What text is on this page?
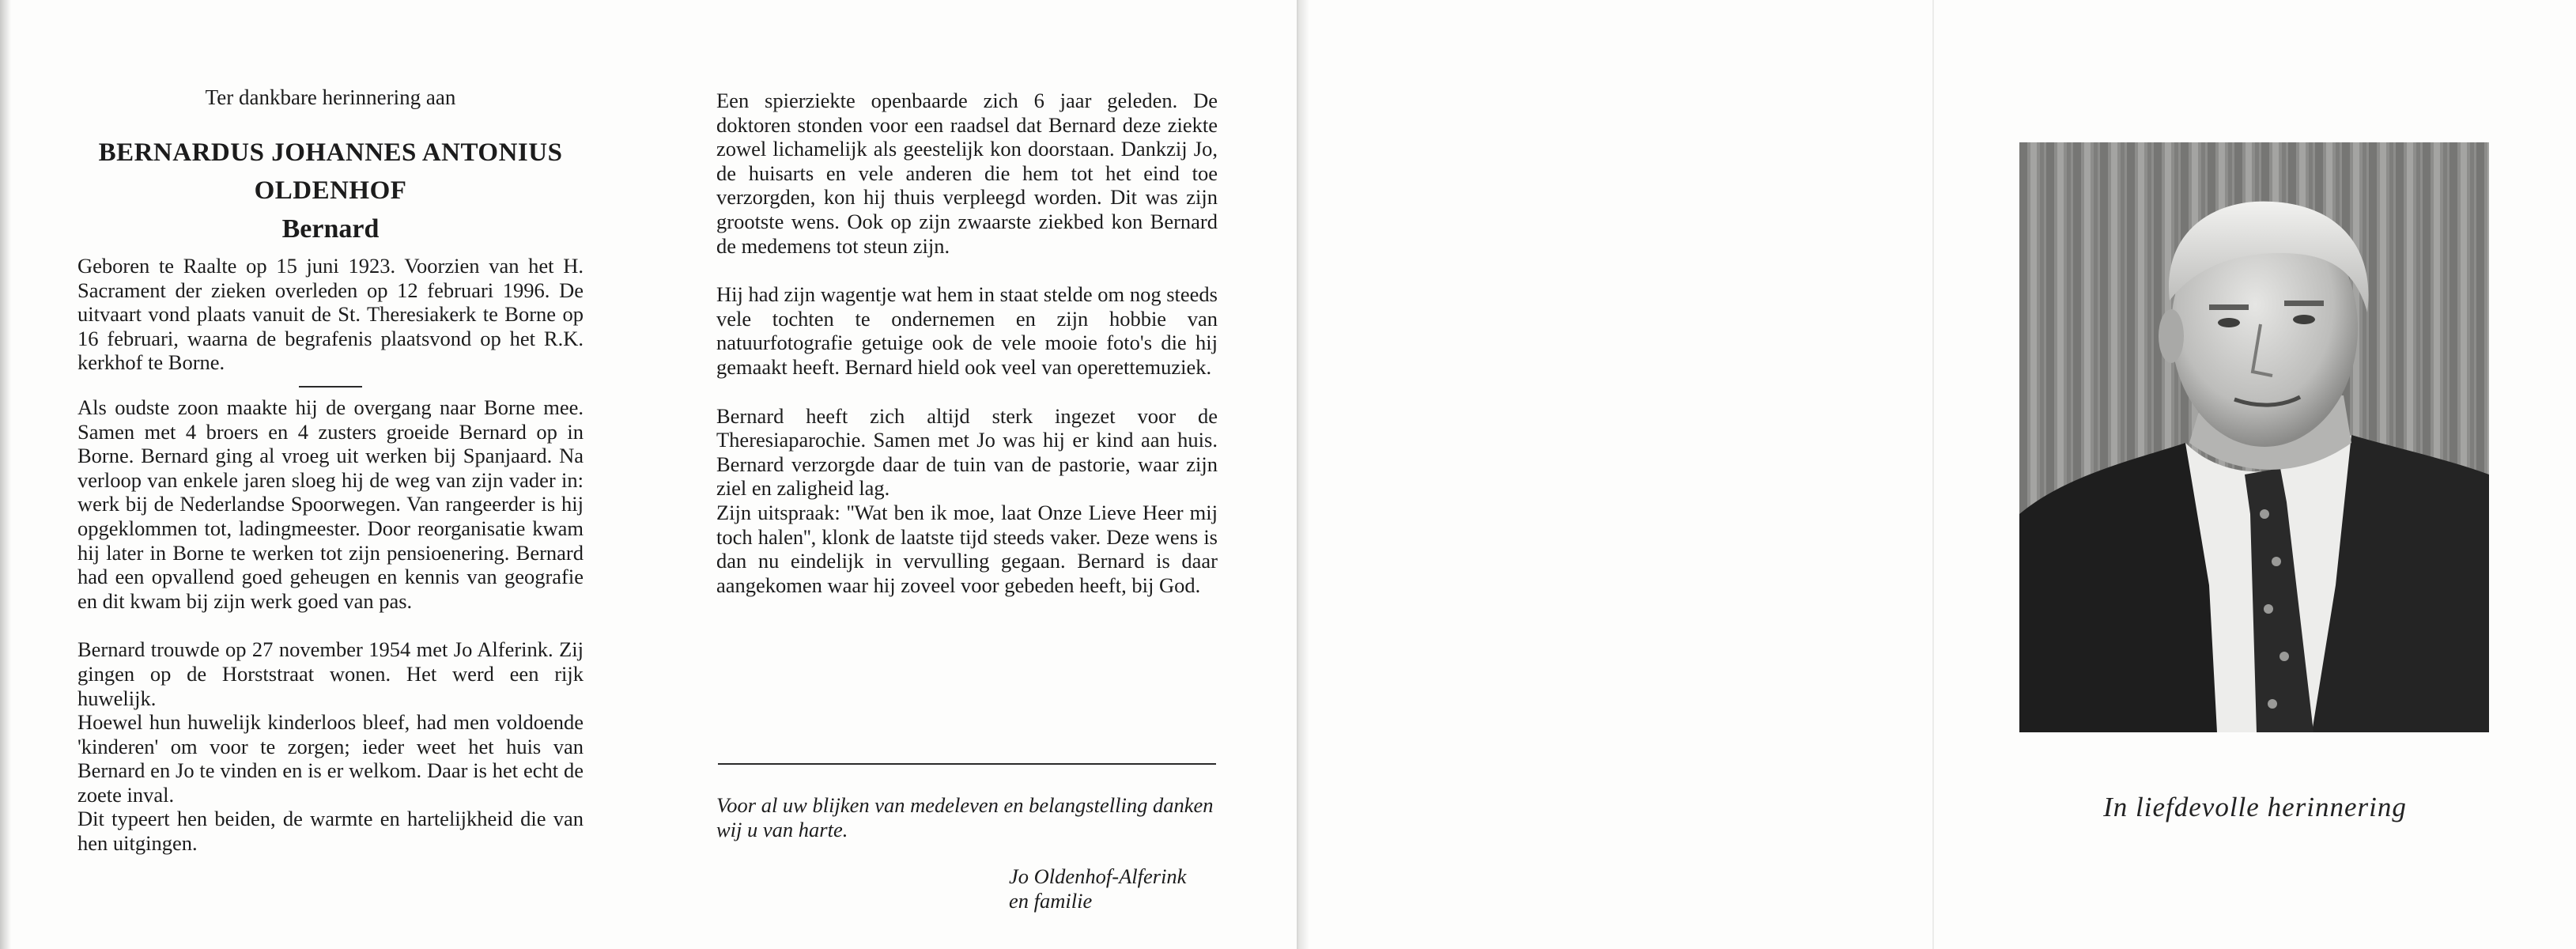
Ter dankbare herinnering aan

BERNARDUS JOHANNES ANTONIUS

OLDENHOF

Bernard

Geboren te Raalte op 15 juni 1923. Voorzien van het H. Sacrament der zieken overleden op 12 februari 1996. De uitvaart vond plaats vanuit de St. Theresiakerk te Borne op 16 februari, waarna de begrafenis plaatsvond op het R.K. kerkhof te Borne.

Als oudste zoon maakte hij de overgang naar Borne mee. Samen met 4 broers en 4 zusters groeide Bernard op in Borne. Bernard ging al vroeg uit werken bij Spanjaard. Na verloop van enkele jaren sloeg hij de weg van zijn vader in: werk bij de Nederlandse Spoorwegen. Van rangeerder is hij opgeklommen tot, ladingmeester. Door reorganisatie kwam hij later in Borne te werken tot zijn pensioenering. Bernard had een opvallend goed geheugen en kennis van geografie en dit kwam bij zijn werk goed van pas.

Bernard trouwde op 27 november 1954 met Jo Alferink. Zij gingen op de Horststraat wonen. Het werd een rijk huwelijk.

Hoewel hun huwelijk kinderloos bleef, had men voldoende 'kinderen' om voor te zorgen; ieder weet het huis van Bernard en Jo te vinden en is er welkom. Daar is het echt de zoete inval.

Dit typeert hen beiden, de warmte en hartelijkheid die van hen uitgingen.

Een spierziekte openbaarde zich 6 jaar geleden. De doktoren stonden voor een raadsel dat Bernard deze ziekte zowel lichamelijk als geestelijk kon doorstaan. Dankzij Jo, de huisarts en vele anderen die hem tot het eind toe verzorgden, kon hij thuis verpleegd worden. Dit was zijn grootste wens. Ook op zijn zwaarste ziekbed kon Bernard de medemens tot steun zijn.

Hij had zijn wagentje wat hem in staat stelde om nog steeds vele tochten te ondernemen en zijn hobbie van natuurfotografie getuige ook de vele mooie foto's die hij gemaakt heeft. Bernard hield ook veel van operettemuziek.

Bernard heeft zich altijd sterk ingezet voor de Theresiaparochie. Samen met Jo was hij er kind aan huis. Bernard verzorgde daar de tuin van de pastorie, waar zijn ziel en zaligheid lag.

Zijn uitspraak: ''Wat ben ik moe, laat Onze Lieve Heer mij toch halen'', klonk de laatste tijd steeds vaker. Deze wens is dan nu eindelijk in vervulling gegaan. Bernard is daar aangekomen waar hij zoveel voor gebeden heeft, bij God.

Voor al uw blijken van medeleven en belangstelling danken wij u van harte.

Jo Oldenhof-Alferink

en familie

In liefdevolle herinnering
